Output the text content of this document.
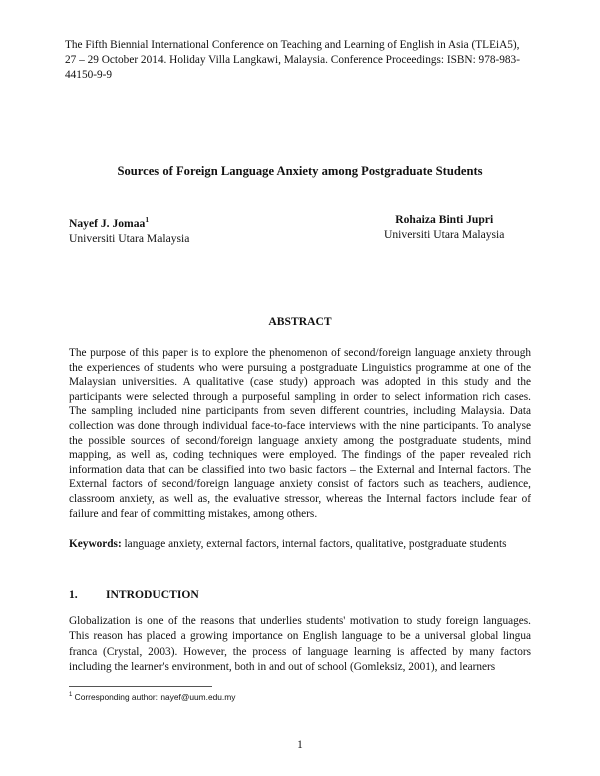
The Fifth Biennial International Conference on Teaching and Learning of English in Asia (TLEiA5),
27 – 29 October 2014. Holiday Villa Langkawi, Malaysia. Conference Proceedings: ISBN: 978-983-
44150-9-9
Sources of Foreign Language Anxiety among Postgraduate Students
Nayef J. Jomaa$^1$
Universiti Utara Malaysia
Rohaiza Binti Jupri
Universiti Utara Malaysia
ABSTRACT
The purpose of this paper is to explore the phenomenon of second/foreign language anxiety through the experiences of students who were pursuing a postgraduate Linguistics programme at one of the Malaysian universities. A qualitative (case study) approach was adopted in this study and the participants were selected through a purposeful sampling in order to select information rich cases. The sampling included nine participants from seven different countries, including Malaysia. Data collection was done through individual face-to-face interviews with the nine participants. To analyse the possible sources of second/foreign language anxiety among the postgraduate students, mind mapping, as well as, coding techniques were employed. The findings of the paper revealed rich information data that can be classified into two basic factors – the External and Internal factors. The External factors of second/foreign language anxiety consist of factors such as teachers, audience, classroom anxiety, as well as, the evaluative stressor, whereas the Internal factors include fear of failure and fear of committing mistakes, among others.
Keywords: language anxiety, external factors, internal factors, qualitative, postgraduate students
1. INTRODUCTION
Globalization is one of the reasons that underlies students' motivation to study foreign languages. This reason has placed a growing importance on English language to be a universal global lingua franca (Crystal, 2003). However, the process of language learning is affected by many factors including the learner's environment, both in and out of school (Gomleksiz, 2001), and learners
$^1$ Corresponding author: nayef@uum.edu.my
1
